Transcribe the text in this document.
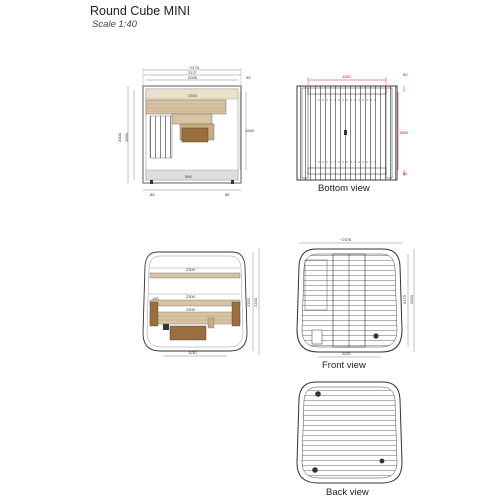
Round Cube MINI
Scale 1:40
~2176
2127
2006	35
2300
2000 1950
1690
590
85	85
1130	80
1550
80
Bottom view
2300
2300
2300
190	2320 2200
1130
~2376
2173 2033
1130
Front view
Back view
